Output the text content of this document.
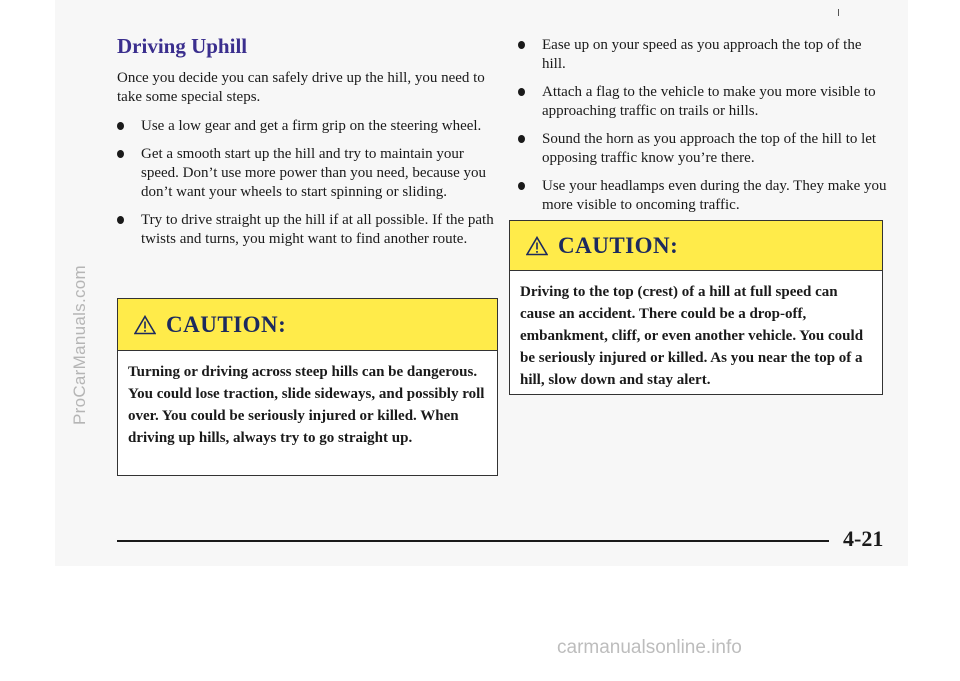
ProCarManuals.com
carmanualsonline.info
Driving Uphill

Once you decide you can safely drive up the hill, you need to take some special steps.

Use a low gear and get a firm grip on the steering wheel.
Get a smooth start up the hill and try to maintain your speed. Don’t use more power than you need, because you don’t want your wheels to start spinning or sliding.
Try to drive straight up the hill if at all possible. If the path twists and turns, you might want to find another route.
CAUTION:

Turning or driving across steep hills can be dangerous. You could lose traction, slide sideways, and possibly roll over. You could be seriously injured or killed. When driving up hills, always try to go straight up.

Ease up on your speed as you approach the top of the hill.
Attach a flag to the vehicle to make you more visible to approaching traffic on trails or hills.
Sound the horn as you approach the top of the hill to let opposing traffic know you’re there.
Use your headlamps even during the day. They make you more visible to oncoming traffic.
CAUTION:

Driving to the top (crest) of a hill at full speed can cause an accident. There could be a drop-off, embankment, cliff, or even another vehicle. You could be seriously injured or killed. As you near the top of a hill, slow down and stay alert.

4-21
